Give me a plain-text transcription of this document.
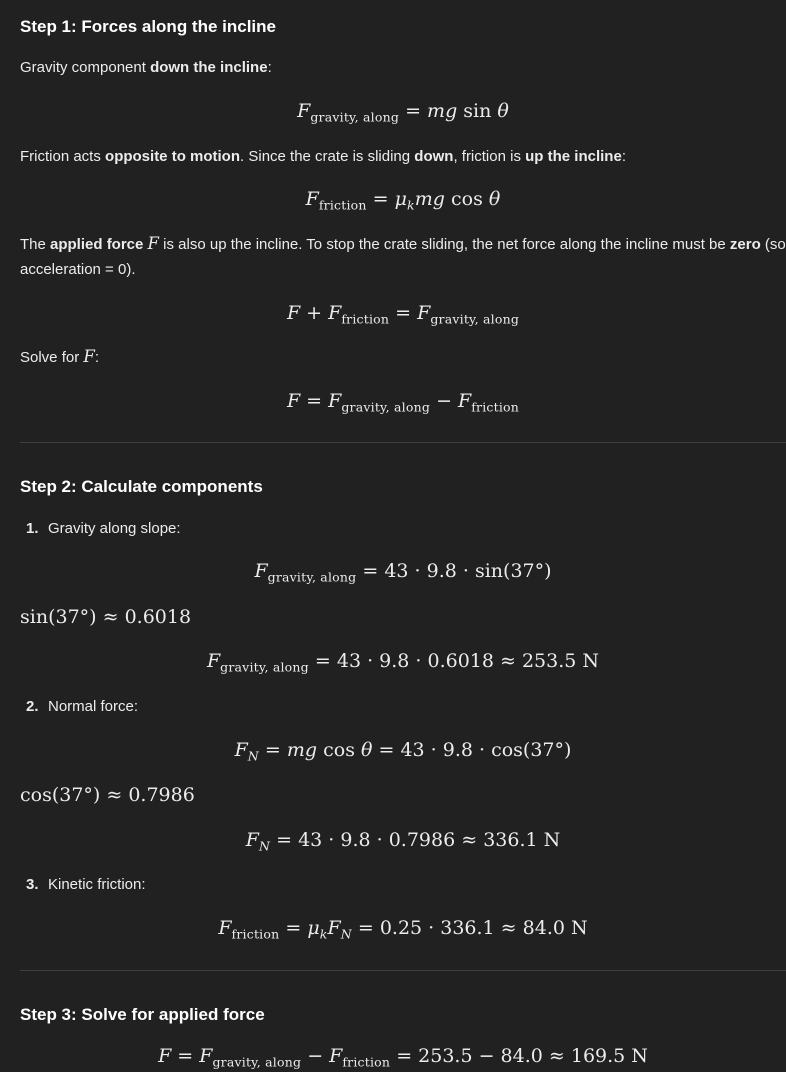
Step 1: Forces along the incline
Gravity component down the incline:
$F_{gravity, along}$ = mg sin θ
Friction acts opposite to motion. Since the crate is sliding down, friction is up the incline:
$F_{friction} = \mu_kmg$ cos θ
The applied force F is also up the incline. To stop the crate sliding, the net force along the incline must be zero (so acceleration = 0).
$F + F_{friction} = F_{gravity, along}$
Solve for F:
$F = F_{gravity, along} - F_{friction}$
Step 2: Calculate components
1. Gravity along slope:
$F_{gravity, along} = 43 \cdot 9.8 \cdot \sin(37^\circ)$
sin(37°) ≈ 0.6018
$F_{gravity, along} = 43 \cdot 9.8 \cdot 0.6018 \approx 253.5$ N
2. Normal force:
$F_N$ = mg cos θ = 43 · 9.8 · cos(37°)
cos(37°) ≈ 0.7986
$F_N = 43 \cdot 9.8 \cdot 0.7986 \approx 336.1$ N
3. Kinetic friction:
$F_{friction} = \mu_kF_N = 0.25 \cdot 336.1 \approx 84.0$ N
Step 3: Solve for applied force
$F = F_{gravity, along} - F_{friction} = 253.5 - 84.0 \approx 169.5$ N
